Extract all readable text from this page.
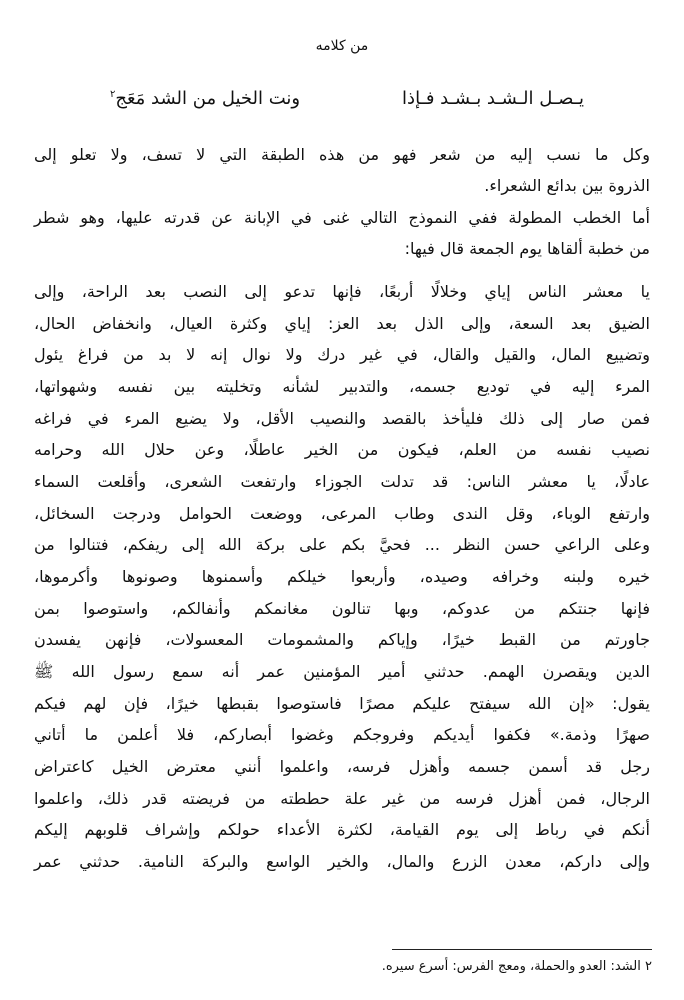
من كلامه
يـصـل الـشـد بـشـد فـإذا
ونت الخيل من الشد مَعَج$^٢$
وكل ما نسب إليه من شعر فهو من هذه الطبقة التي لا تسف، ولا تعلو إلى
الذروة بين بدائع الشعراء.
أما الخطب المطولة ففي النموذج التالي غنى في الإبانة عن قدرته عليها، وهو شطر
من خطبة ألقاها يوم الجمعة قال فيها:
يا معشر الناس إياي وخلالًا أربعًا، فإنها تدعو إلى النصب بعد الراحة، وإلى
الضيق بعد السعة، وإلى الذل بعد العز: إياي وكثرة العيال، وانخفاض الحال،
وتضييع المال، والقيل والقال، في غير درك ولا نوال إنه لا بد من فراغ يئول
المرء إليه في توديع جسمه، والتدبير لشأنه وتخليته بين نفسه وشهواتها،
فمن صار إلى ذلك فليأخذ بالقصد والنصيب الأقل، ولا يضيع المرء في فراغه
نصيب نفسه من العلم، فيكون من الخير عاطلًا، وعن حلال الله وحرامه
عادلًا، يا معشر الناس: قد تدلت الجوزاء وارتفعت الشعرى، وأقلعت السماء
وارتفع الوباء، وقل الندى وطاب المرعى، ووضعت الحوامل ودرجت السخائل،
وعلى الراعي حسن النظر ... فحيَّ بكم على بركة الله إلى ريفكم، فتنالوا من
خيره ولبنه وخرافه وصيده، وأربعوا خيلكم وأسمنوها وصونوها وأكرموها،
فإنها جنتكم من عدوكم، وبها تنالون مغانمكم وأنفالكم، واستوصوا بمن
جاورتم من القبط خيرًا، وإياكم والمشمومات المعسولات، فإنهن يفسدن
الدين ويقصرن الهمم. حدثني أمير المؤمنين عمر أنه سمع رسول الله ﷺ
يقول: «إن الله سيفتح عليكم مصرًا فاستوصوا بقبطها خيرًا، فإن لهم فيكم
صهرًا وذمة.» فكفوا أيديكم وفروجكم وغضوا أبصاركم، فلا أعلمن ما أتاني
رجل قد أسمن جسمه وأهزل فرسه، واعلموا أنني معترض الخيل كاعتراض
الرجال، فمن أهزل فرسه من غير علة حططته من فريضته قدر ذلك، واعلموا
أنكم في رباط إلى يوم القيامة، لكثرة الأعداء حولكم وإشراف قلوبهم إليكم
وإلى داركم، معدن الزرع والمال، والخير الواسع والبركة النامية. حدثني عمر
٢ الشد: العدو والحملة، ومعج الفرس: أسرع سيره.
